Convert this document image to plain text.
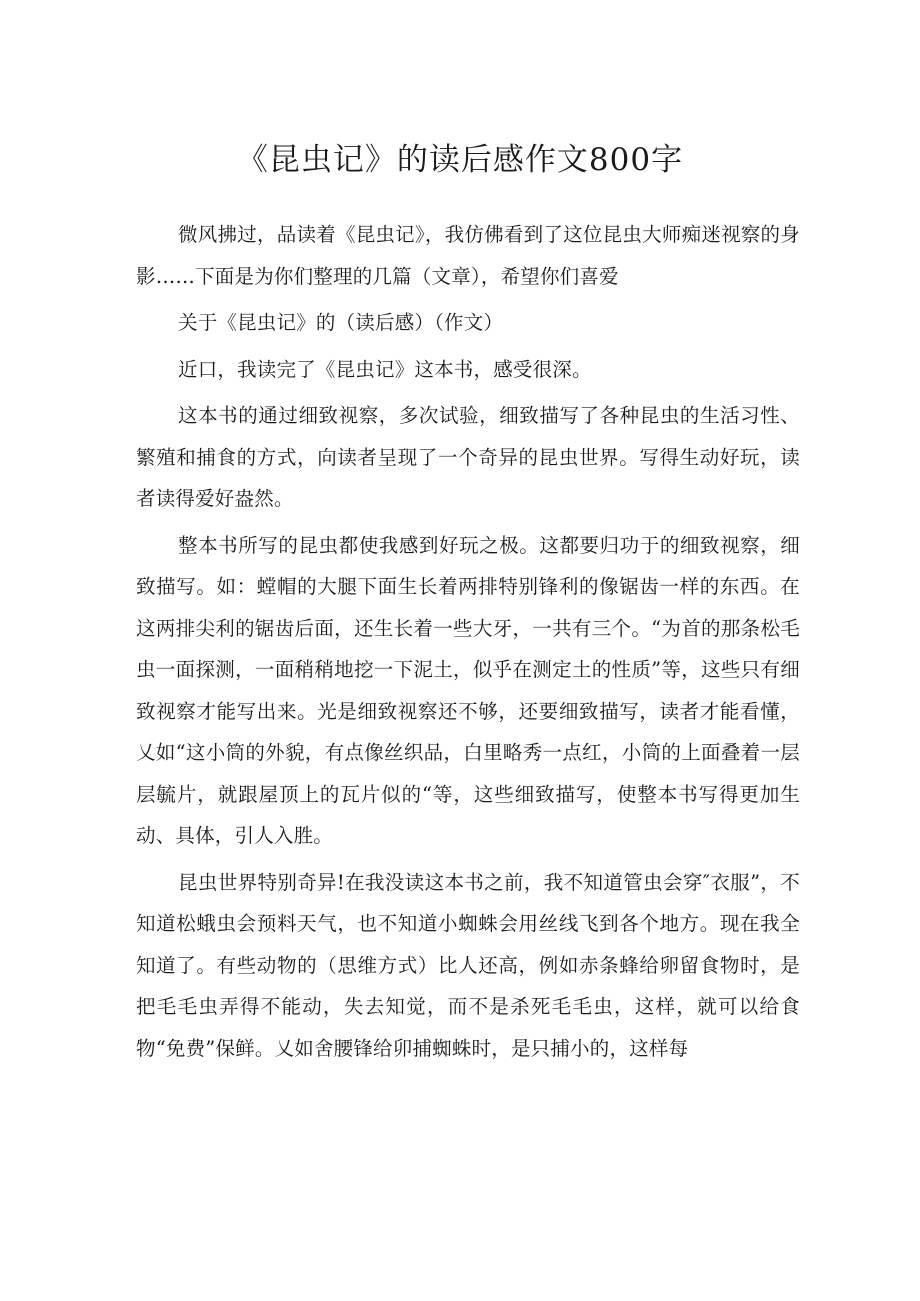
《昆虫记》的读后感作文800字

微风拂过，品读着《昆虫记》，我仿佛看到了这位昆虫大师痴迷视察的身影……下面是为你们整理的几篇（文章），希望你们喜爱

关于《昆虫记》的（读后感）（作文）

近口，我读完了《昆虫记》这本书，感受很深。

这本书的通过细致视察，多次试验，细致描写了各种昆虫的生活习性、繁殖和捕食的方式，向读者呈现了一个奇异的昆虫世界。写得生动好玩，读者读得爱好盎然。

整本书所写的昆虫都使我感到好玩之极。这都要归功于的细致视察，细致描写。如：螳帽的大腿下面生长着两排特别锋利的像锯齿一样的东西。在这两排尖利的锯齿后面，还生长着一些大牙，一共有三个。“为首的那条松毛虫一面探测，一面稍稍地挖一下泥土，似乎在测定土的性质”等，这些只有细致视察才能写出来。光是细致视察还不够，还要细致描写，读者才能看懂，乂如“这小筒的外貌，有点像丝织品，白里略秀一点红，小筒的上面叠着一层层毓片，就跟屋顶上的瓦片似的“等，这些细致描写，使整本书写得更加生动、具体，引人入胜。

昆虫世界特别奇异!在我没读这本书之前，我不知道管虫会穿″衣服”，不知道松蛾虫会预料天气，也不知道小蜘蛛会用丝线飞到各个地方。现在我全知道了。有些动物的（思维方式）比人还高，例如赤条蜂给卵留食物时，是把毛毛虫弄得不能动，失去知觉，而不是杀死毛毛虫，这样，就可以给食物“免费”保鲜。乂如舍腰锋给卯捕蜘蛛时，是只捕小的，这样每
